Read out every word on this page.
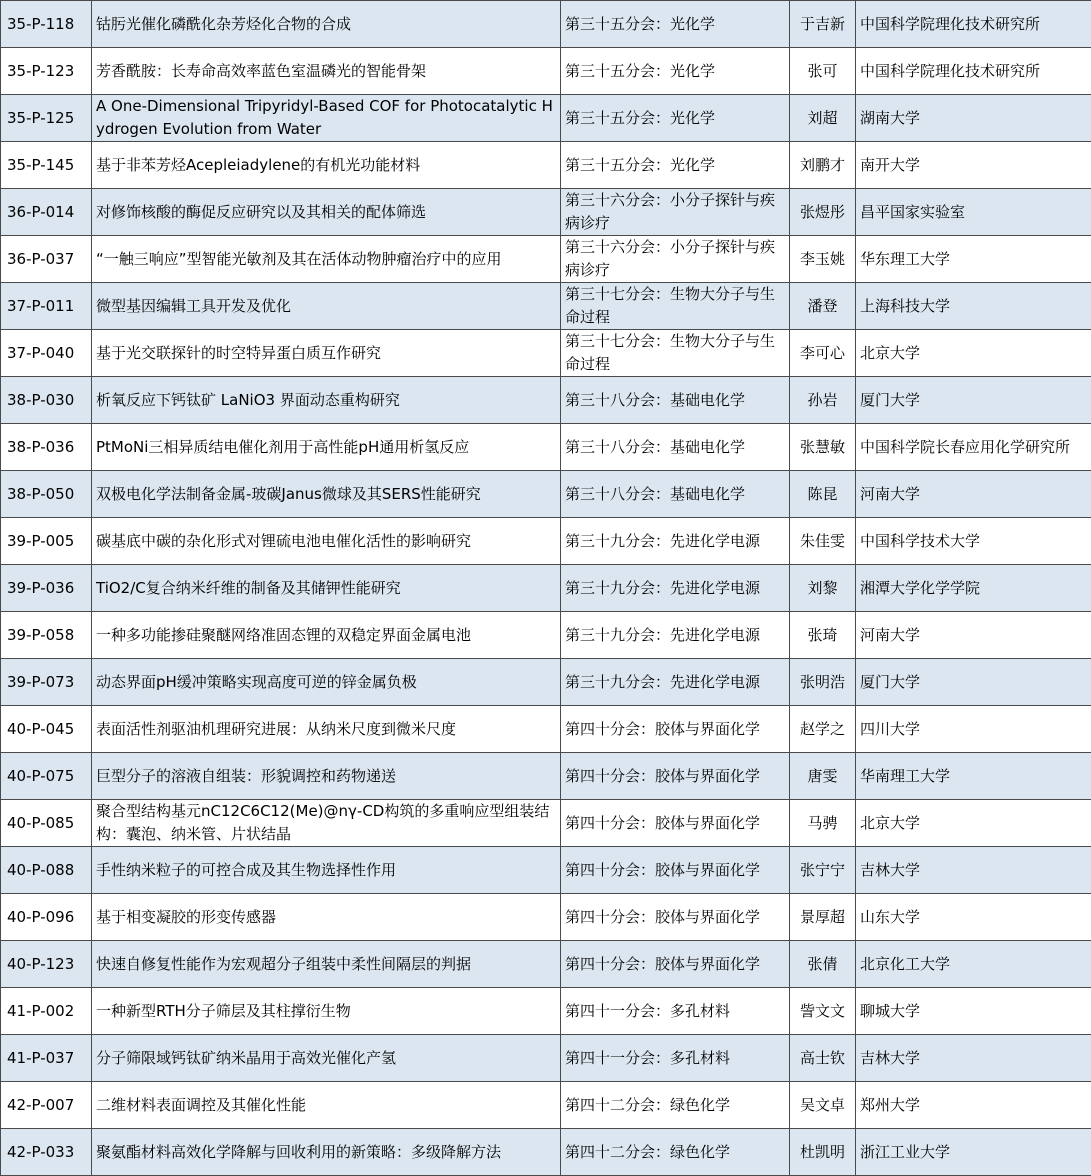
35-P-118	钴肟光催化磷酰化杂芳烃化合物的合成	第三十五分会：光化学	于吉新	中国科学院理化技术研究所
35-P-123	芳香酰胺：长寿命高效率蓝色室温磷光的智能骨架	第三十五分会：光化学	张可	中国科学院理化技术研究所
35-P-125	A One-Dimensional Tripyridyl-Based COF for Photocatalytic Hydrogen Evolution from Water	第三十五分会：光化学	刘超	湖南大学
35-P-145	基于非苯芳烃Acepleiadylene的有机光功能材料	第三十五分会：光化学	刘鹏才	南开大学
36-P-014	对修饰核酸的酶促反应研究以及其相关的配体筛选	第三十六分会：小分子探针与疾病诊疗	张煜彤	昌平国家实验室
36-P-037	“一触三响应”型智能光敏剂及其在活体动物肿瘤治疗中的应用	第三十六分会：小分子探针与疾病诊疗	李玉姚	华东理工大学
37-P-011	微型基因编辑工具开发及优化	第三十七分会：生物大分子与生命过程	潘登	上海科技大学
37-P-040	基于光交联探针的时空特异蛋白质互作研究	第三十七分会：生物大分子与生命过程	李可心	北京大学
38-P-030	析氧反应下钙钛矿 LaNiO3 界面动态重构研究	第三十八分会：基础电化学	孙岩	厦门大学
38-P-036	PtMoNi三相异质结电催化剂用于高性能pH通用析氢反应	第三十八分会：基础电化学	张慧敏	中国科学院长春应用化学研究所
38-P-050	双极电化学法制备金属-玻碳Janus微球及其SERS性能研究	第三十八分会：基础电化学	陈昆	河南大学
39-P-005	碳基底中碳的杂化形式对锂硫电池电催化活性的影响研究	第三十九分会：先进化学电源	朱佳雯	中国科学技术大学
39-P-036	TiO2/C复合纳米纤维的制备及其储钾性能研究	第三十九分会：先进化学电源	刘黎	湘潭大学化学学院
39-P-058	一种多功能掺硅聚醚网络准固态锂的双稳定界面金属电池	第三十九分会：先进化学电源	张琦	河南大学
39-P-073	动态界面pH缓冲策略实现高度可逆的锌金属负极	第三十九分会：先进化学电源	张明浩	厦门大学
40-P-045	表面活性剂驱油机理研究进展：从纳米尺度到微米尺度	第四十分会：胶体与界面化学	赵学之	四川大学
40-P-075	巨型分子的溶液自组装：形貌调控和药物递送	第四十分会：胶体与界面化学	唐雯	华南理工大学
40-P-085	聚合型结构基元nC12C6C12(Me)@nγ-CD构筑的多重响应型组装结构：囊泡、纳米管、片状结晶	第四十分会：胶体与界面化学	马骋	北京大学
40-P-088	手性纳米粒子的可控合成及其生物选择性作用	第四十分会：胶体与界面化学	张宁宁	吉林大学
40-P-096	基于相变凝胶的形变传感器	第四十分会：胶体与界面化学	景厚超	山东大学
40-P-123	快速自修复性能作为宏观超分子组装中柔性间隔层的判据	第四十分会：胶体与界面化学	张倩	北京化工大学
41-P-002	一种新型RTH分子筛层及其柱撑衍生物	第四十一分会：多孔材料	訾文文	聊城大学
41-P-037	分子筛限域钙钛矿纳米晶用于高效光催化产氢	第四十一分会：多孔材料	高士钦	吉林大学
42-P-007	二维材料表面调控及其催化性能	第四十二分会：绿色化学	吴文卓	郑州大学
42-P-033	聚氨酯材料高效化学降解与回收利用的新策略：多级降解方法	第四十二分会：绿色化学	杜凯明	浙江工业大学
